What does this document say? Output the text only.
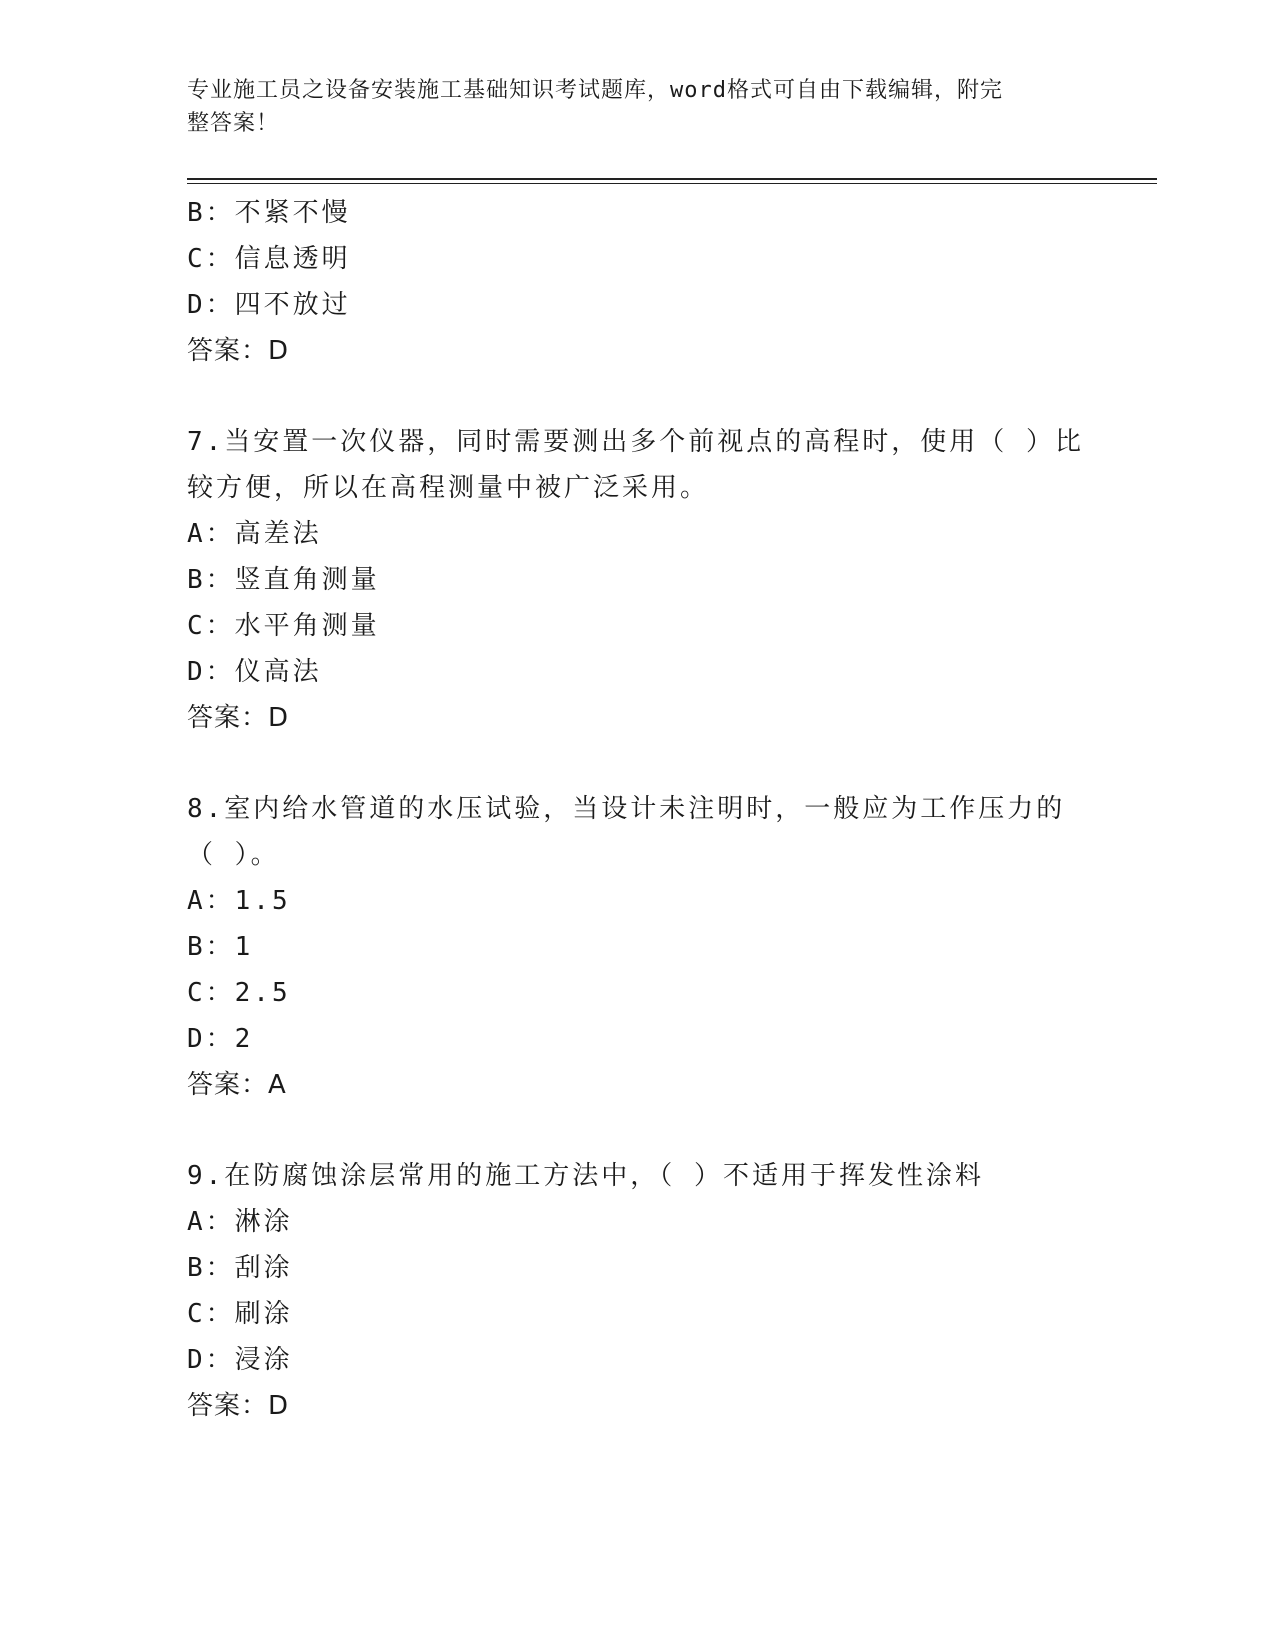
专业施工员之设备安装施工基础知识考试题库，word格式可自由下载编辑，附完
整答案！
B：不紧不慢
C：信息透明
D：四不放过
答案：D
7.当安置一次仪器，同时需要测出多个前视点的高程时，使用（ ）比
较方便，所以在高程测量中被广泛采用。
A：高差法
B：竖直角测量
C：水平角测量
D：仪高法
答案：D
8.室内给水管道的水压试验，当设计未注明时，一般应为工作压力的
（ ）。
A：1.5
B：1
C：2.5
D：2
答案：A
9.在防腐蚀涂层常用的施工方法中，（ ）不适用于挥发性涂料
A：淋涂
B：刮涂
C：刷涂
D：浸涂
答案：D
